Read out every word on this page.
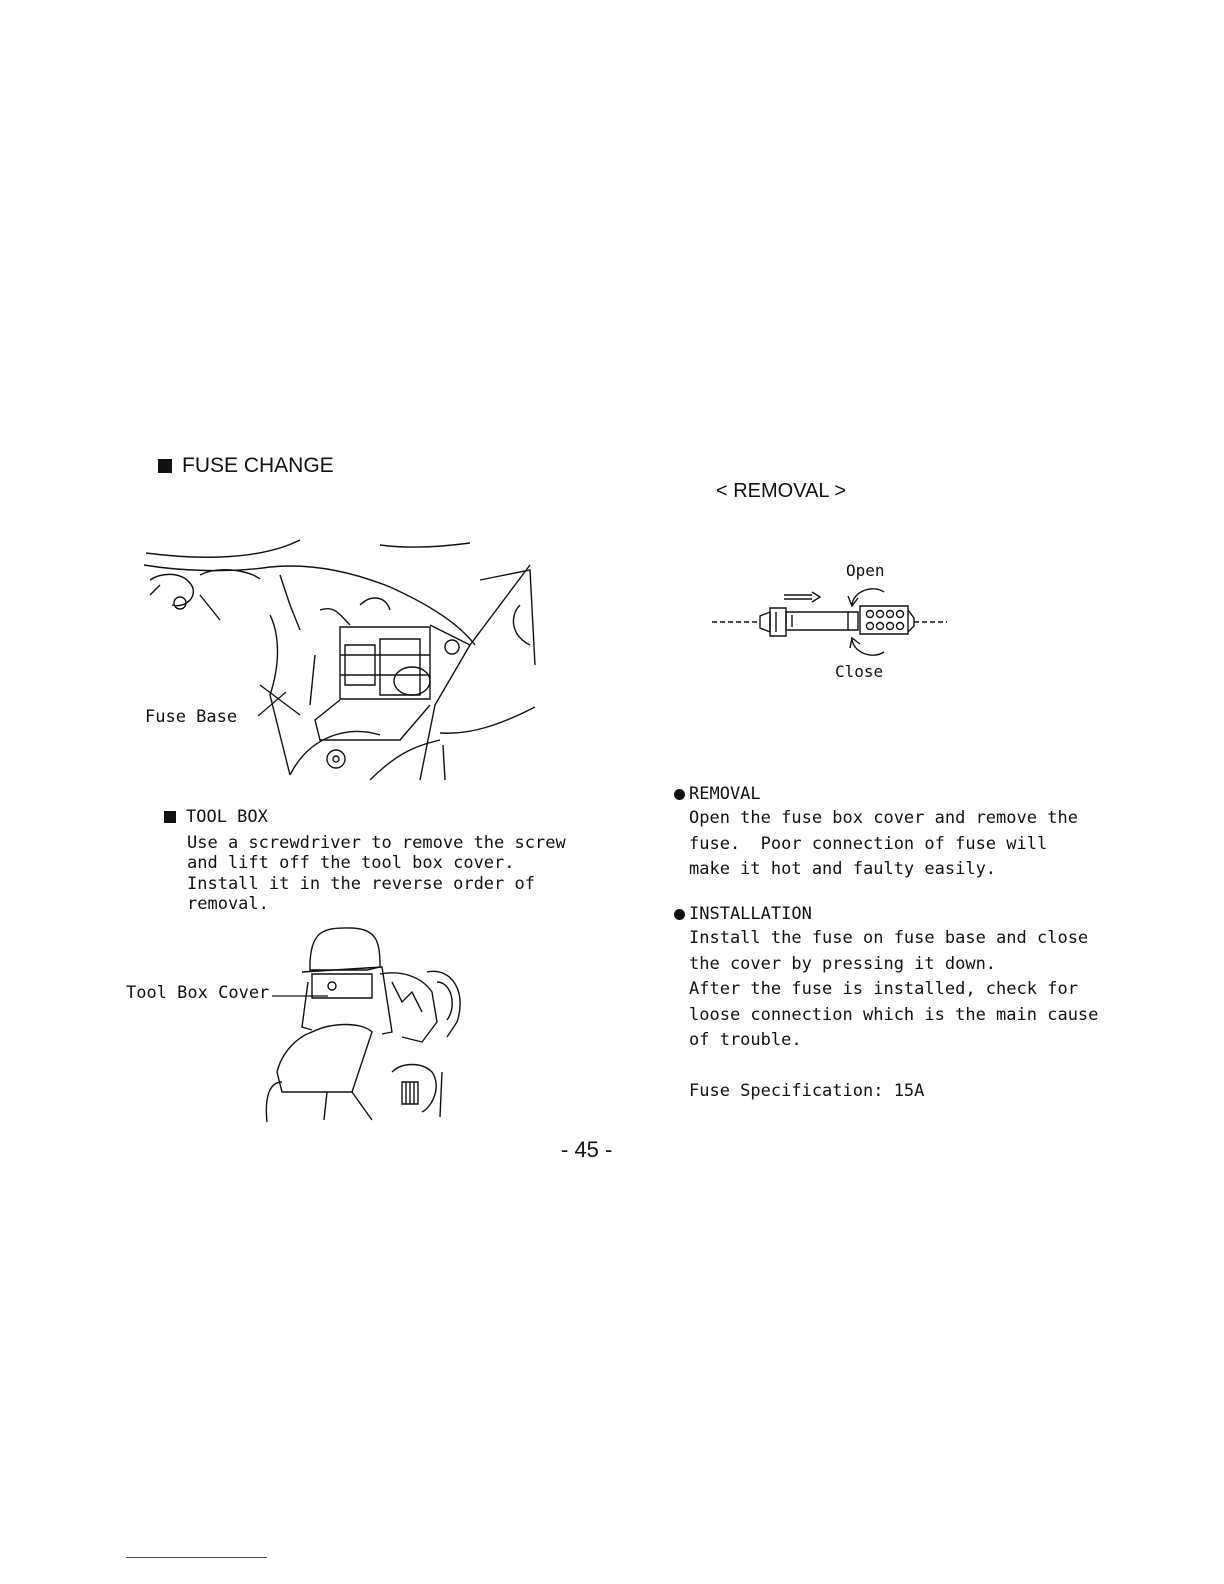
FUSE CHANGE
Fuse Base
TOOL BOX
Use a screwdriver to remove the screw
and lift off the tool box cover.
Install it in the reverse order of
removal.
Tool Box Cover
< REMOVAL >
Open
Close
REMOVAL
Open the fuse box cover and remove the
fuse.  Poor connection of fuse will
make it hot and faulty easily.
INSTALLATION
Install the fuse on fuse base and close
the cover by pressing it down.
After the fuse is installed, check for
loose connection which is the main cause
of trouble.
Fuse Specification: 15A
- 45 -
